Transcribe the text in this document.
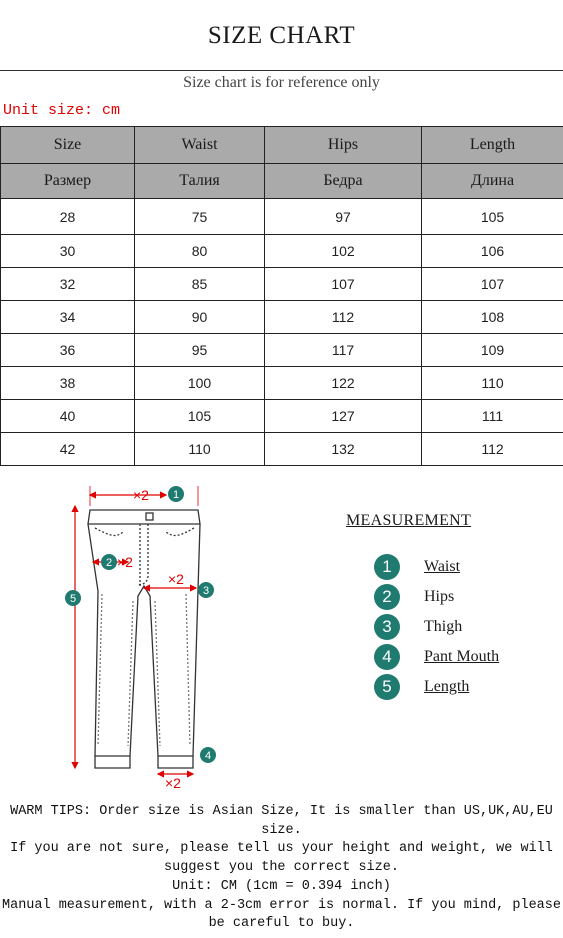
SIZE CHART
Size chart is for reference only
Unit size: cm
Size	Waist	Hips	Length
Размер	Талия	Бедра	Длина
28	75	97	105
30	80	102	106
32	85	107	107
34	90	112	108
36	95	117	109
38	100	122	110
40	105	127	111
42	110	132	112
×2
×2
×2
×2
1
2
3
4
5
MEASUREMENT
1	Waist
2	Hips
3	Thigh
4	Pant Mouth
5	Length
WARM TIPS: Order size is Asian Size, It is smaller than US,UK,AU,EU size.
If you are not sure, please tell us your height and weight, we will suggest you the correct size.
Unit: CM (1cm = 0.394 inch)
Manual measurement, with a 2-3cm error is normal. If you mind, please be careful to buy.
